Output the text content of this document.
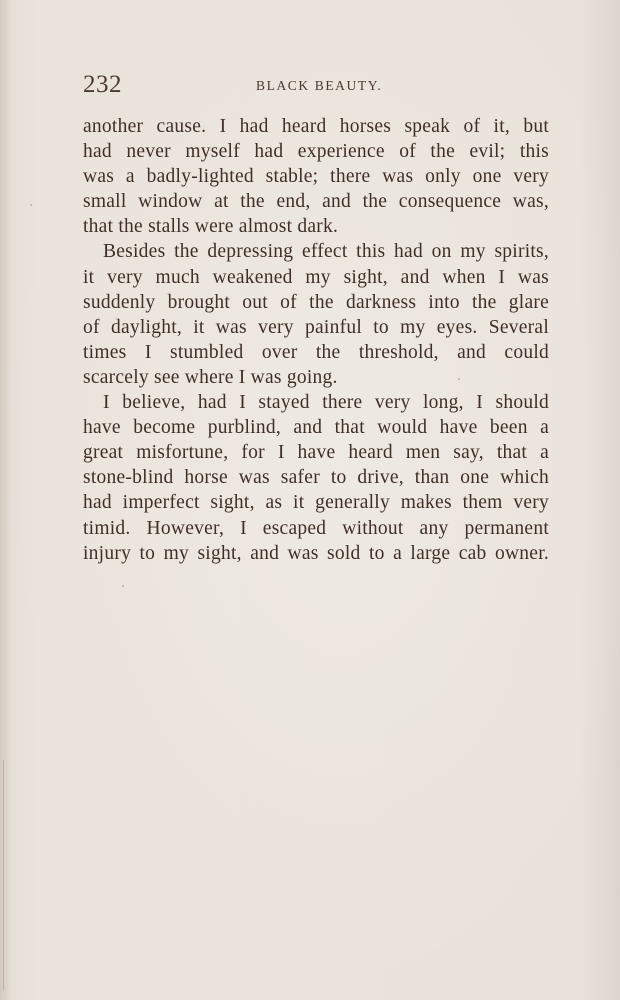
232	BLACK BEAUTY.
another cause. I had heard horses speak of it, but
had never myself had experience of the evil; this
was a badly-lighted stable; there was only one very
small window at the end, and the consequence was,
that the stalls were almost dark.
Besides the depressing effect this had on my spirits,
it very much weakened my sight, and when I was
suddenly brought out of the darkness into the glare
of daylight, it was very painful to my eyes. Several
times I stumbled over the threshold, and could
scarcely see where I was going.
I believe, had I stayed there very long, I should
have become purblind, and that would have been a
great misfortune, for I have heard men say, that a
stone-blind horse was safer to drive, than one which
had imperfect sight, as it generally makes them very
timid. However, I escaped without any permanent
injury to my sight, and was sold to a large cab owner.
